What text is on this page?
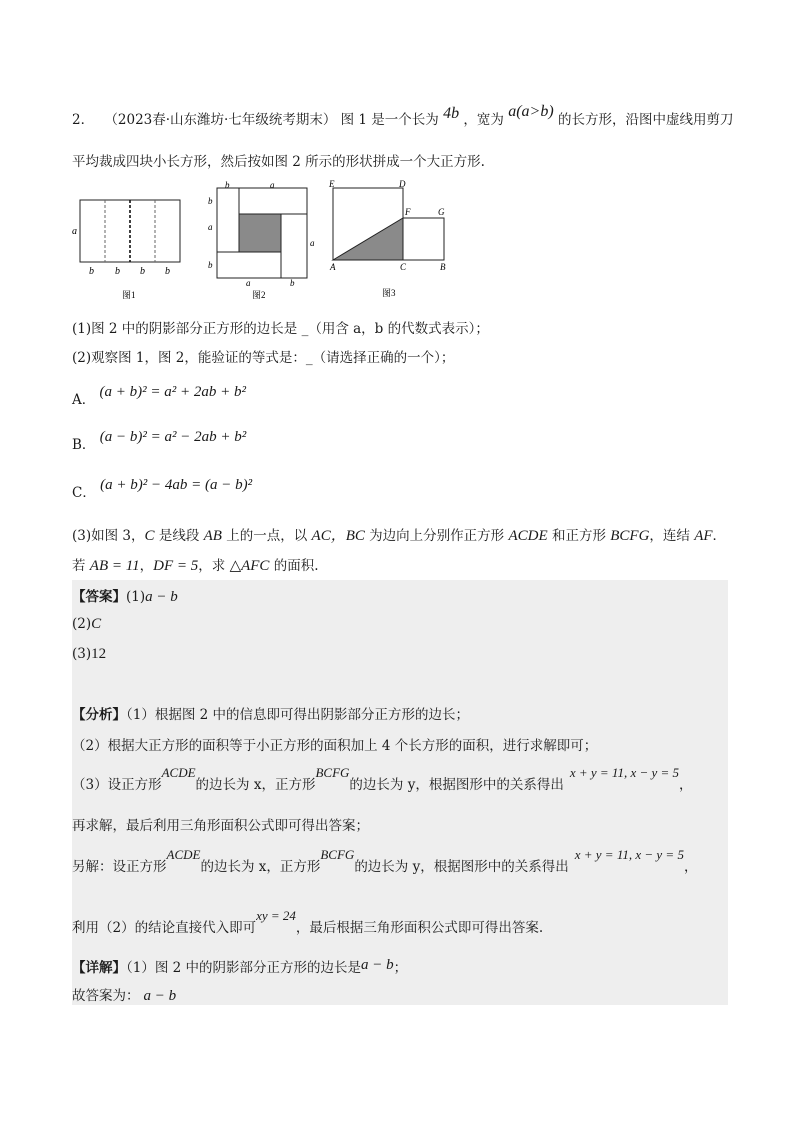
2． （2023春·山东潍坊·七年级统考期末） 图 1 是一个长为 4b ，宽为 a(a>b) 的长方形，沿图中虚线用剪刀
平均裁成四块小长方形，然后按如图 2 所示的形状拼成一个大正方形.
a
b b b b
图1
b	a
b
a
a
b
a	b
图2
E	D
F	G
A	C	B
图3
(1)图 2 中的阴影部分正方形的边长是 _（用含 a，b 的代数式表示）；
(2)观察图 1，图 2，能验证的等式是：_（请选择正确的一个）；
A． (a + b)² = a² + 2ab + b²
B． (a − b)² = a² − 2ab + b²
C． (a + b)² − 4ab = (a − b)²
(3)如图 3，C 是线段 AB 上的一点，以 AC，BC 为边向上分别作正方形 ACDE 和正方形 BCFG，连结 AF．
若 AB = 11，DF = 5，求 △AFC 的面积.
【答案】(1)a − b
(2)C
(3)12
【分析】（1）根据图 2 中的信息即可得出阴影部分正方形的边长；
（2）根据大正方形的面积等于小正方形的面积加上 4 个长方形的面积，进行求解即可；
（3）设正方形ACDE的边长为 x，正方形BCFG的边长为 y，根据图形中的关系得出x + y = 11, x − y = 5，
再求解，最后利用三角形面积公式即可得出答案；
另解：设正方形ACDE的边长为 x，正方形BCFG的边长为 y，根据图形中的关系得出x + y = 11, x − y = 5，
利用（2）的结论直接代入即可xy = 24，最后根据三角形面积公式即可得出答案.
【详解】（1）图 2 中的阴影部分正方形的边长是a − b；
故答案为： a − b
